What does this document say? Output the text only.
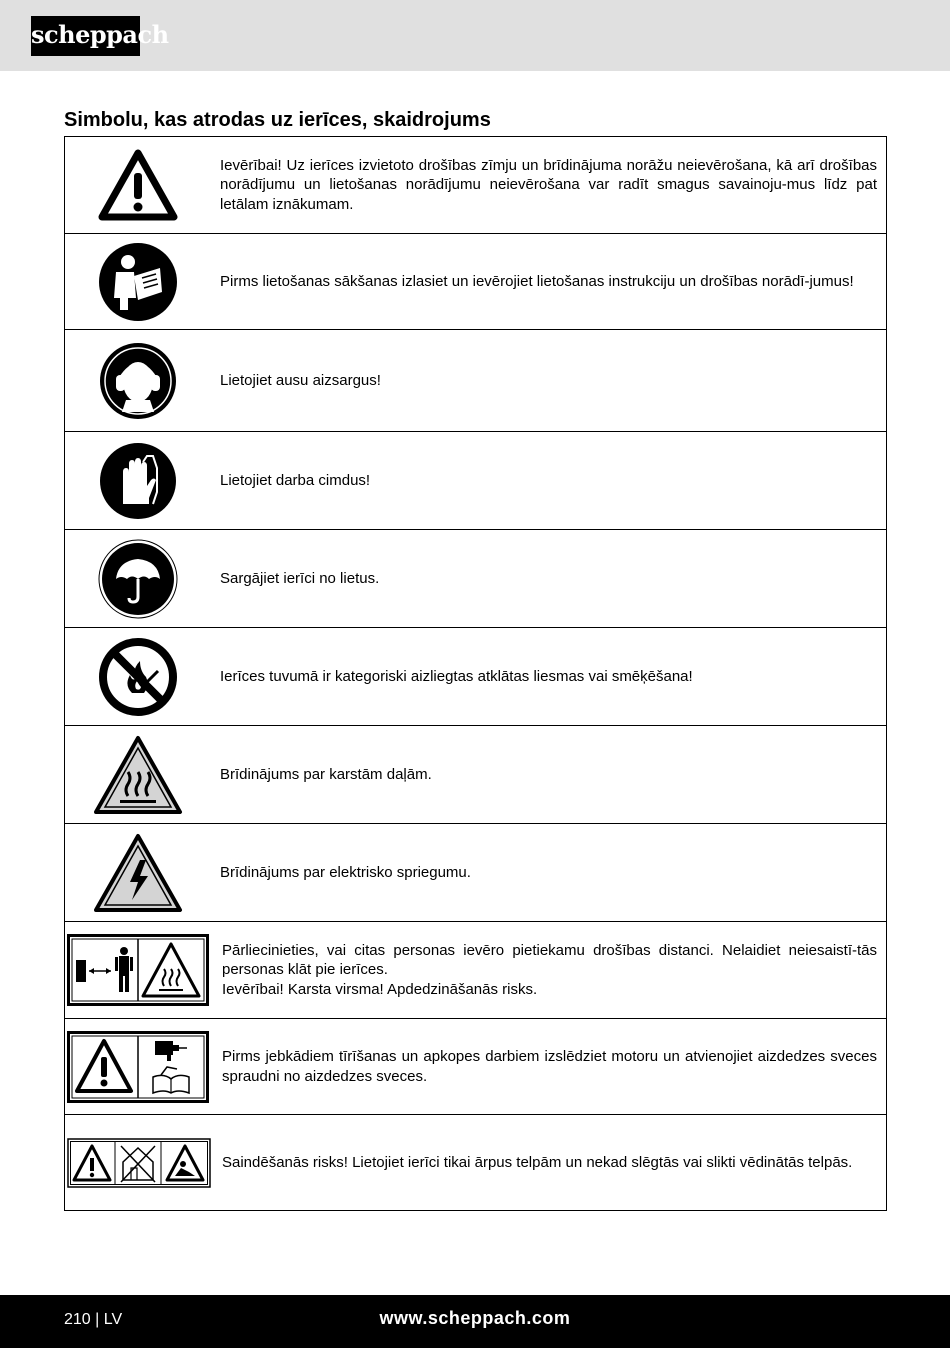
scheppach
Simbolu, kas atrodas uz ierīces, skaidrojums
Ievērībai! Uz ierīces izvietoto drošības zīmju un brīdinājuma norāžu neievērošana, kā arī drošības norādījumu un lietošanas norādījumu neievērošana var radīt smagus savainoju-mus līdz pat letālam iznākumam.
Pirms lietošanas sākšanas izlasiet un ievērojiet lietošanas instrukciju un drošības norādī-jumus!
Lietojiet ausu aizsargus!
Lietojiet darba cimdus!
Sargājiet ierīci no lietus.
Ierīces tuvumā ir kategoriski aizliegtas atklātas liesmas vai smēķēšana!
Brīdinājums par karstām daļām.
Brīdinājums par elektrisko spriegumu.
Pārliecinieties, vai citas personas ievēro pietiekamu drošības distanci. Nelaidiet neiesaistī-tās personas klāt pie ierīces.
Ievērībai! Karsta virsma! Apdedzināšanās risks.
Pirms jebkādiem tīrīšanas un apkopes darbiem izslēdziet motoru un atvienojiet aizdedzes sveces spraudni no aizdedzes sveces.
Saindēšanās risks! Lietojiet ierīci tikai ārpus telpām un nekad slēgtās vai slikti vēdinātās telpās.
210 | LV	www.scheppach.com
